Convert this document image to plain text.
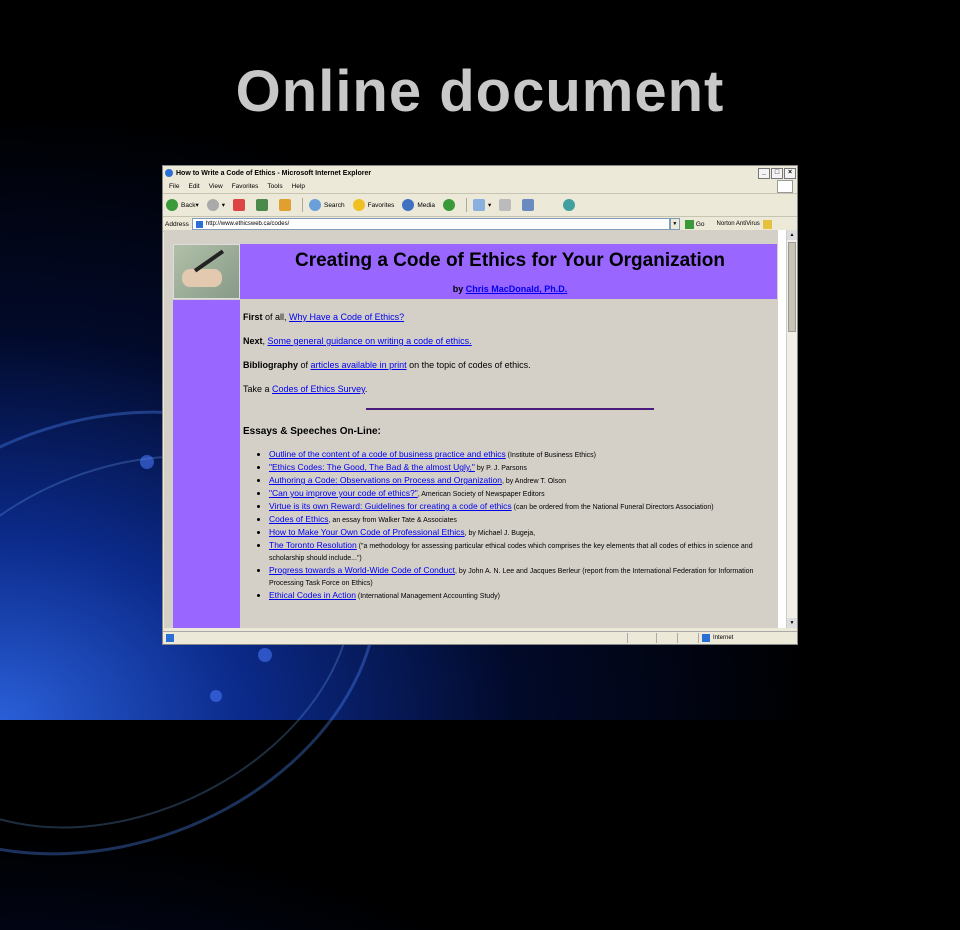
Online document
How to Write a Code of Ethics - Microsoft Internet Explorer	_	□	×
File Edit View Favorites Tools Help
Back ▾	▾	Search	Favorites	Media	▾
Address	http://www.ethicsweb.ca/codes/	▼	Go Norton AntiVirus
Creating a Code of Ethics for Your Organization
by Chris MacDonald, Ph.D.

First of all, Why Have a Code of Ethics?

Next, Some general guidance on writing a code of ethics.

Bibliography of articles available in print on the topic of codes of ethics.

Take a Codes of Ethics Survey.

Essays & Speeches On-Line:
• Outline of the content of a code of business practice and ethics (Institute of Business Ethics)
• "Ethics Codes: The Good, The Bad & the almost Ugly," by P. J. Parsons
• Authoring a Code: Observations on Process and Organization, by Andrew T. Olson
• "Can you improve your code of ethics?", American Society of Newspaper Editors
• Virtue is its own Reward: Guidelines for creating a code of ethics (can be ordered from the National Funeral Directors Association)
• Codes of Ethics, an essay from Walker Tate & Associates
• How to Make Your Own Code of Professional Ethics, by Michael J. Bugeja,
• The Toronto Resolution ("a methodology for assessing particular ethical codes which comprises the key elements that all codes of ethics in science and scholarship should include...")
• Progress towards a World-Wide Code of Conduct, by John A. N. Lee and Jacques Berleur (report from the International Federation for Information Processing Task Force on Ethics)
• Ethical Codes in Action (International Management Accounting Study)
▲
▼
Internet
